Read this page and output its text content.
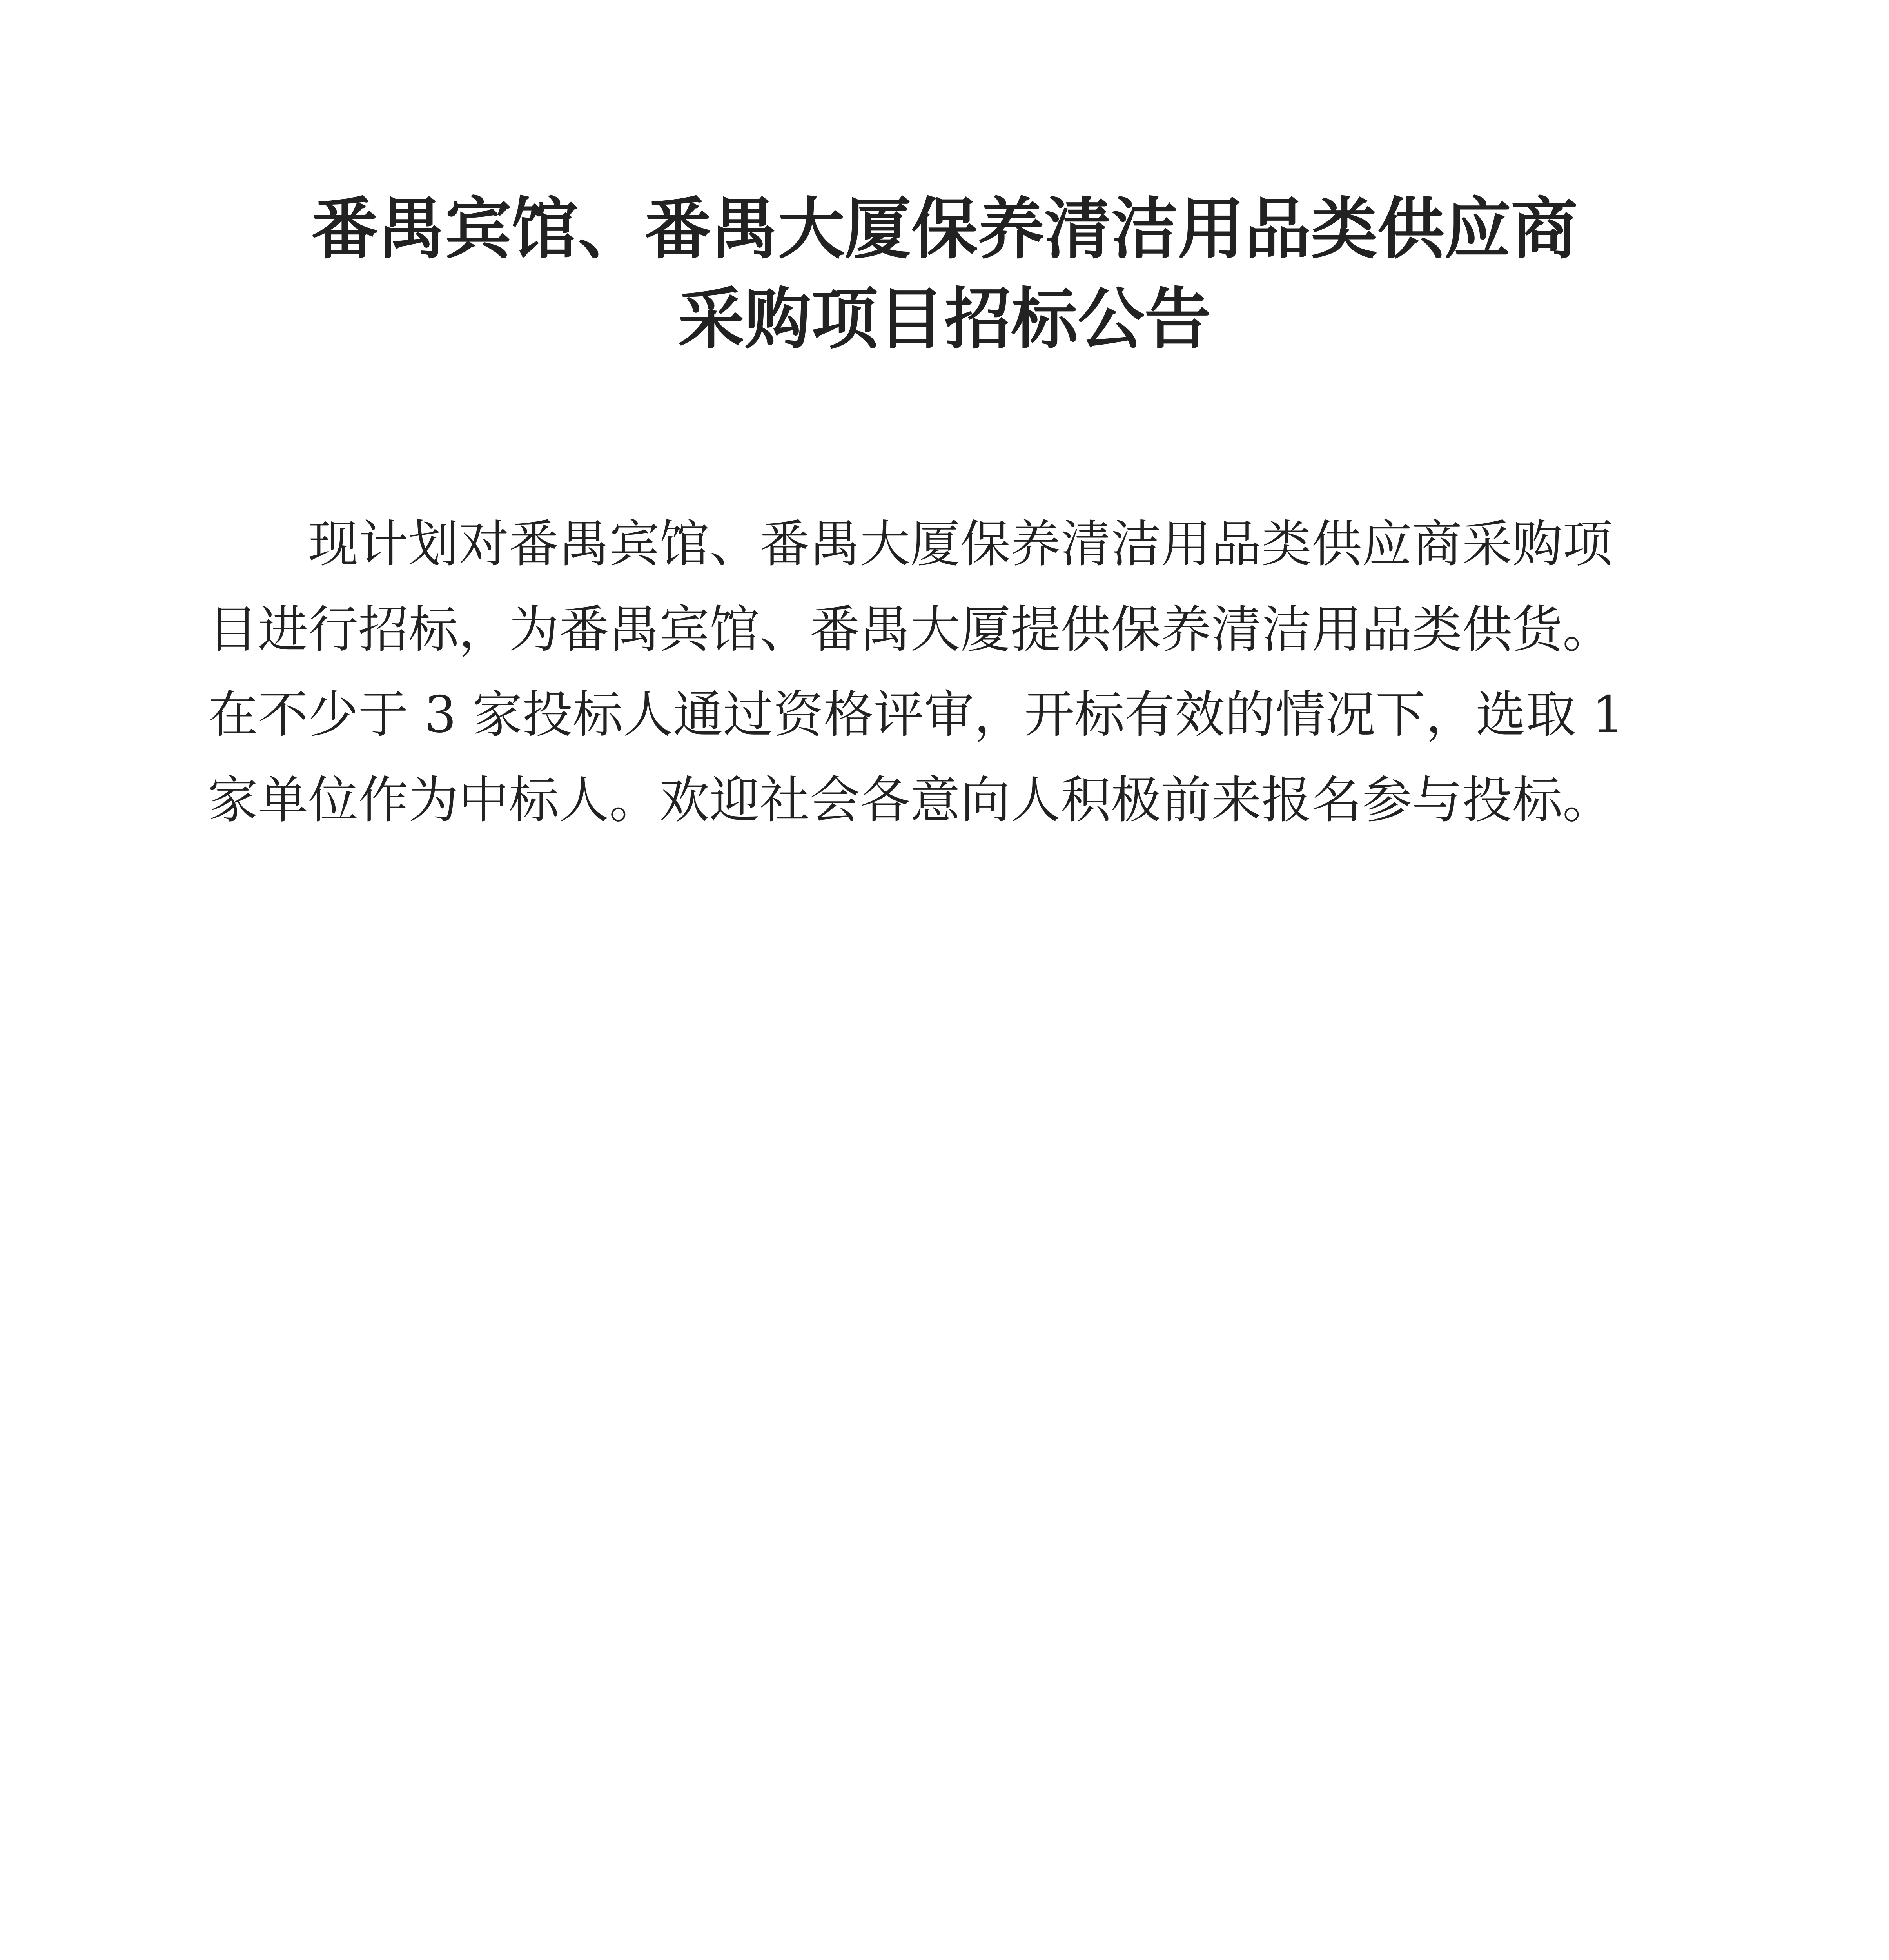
番禺宾馆、番禺大厦保养清洁用品类供应商
采购项目招标公告

现计划对番禺宾馆、番禺大厦保养清洁用品类供应商采购项目进行招标，为番禺宾馆、番禺大厦提供保养清洁用品类供货。在不少于 3 家投标人通过资格评审，开标有效的情况下，选取 1 家单位作为中标人。欢迎社会各意向人积极前来报名参与投标。
